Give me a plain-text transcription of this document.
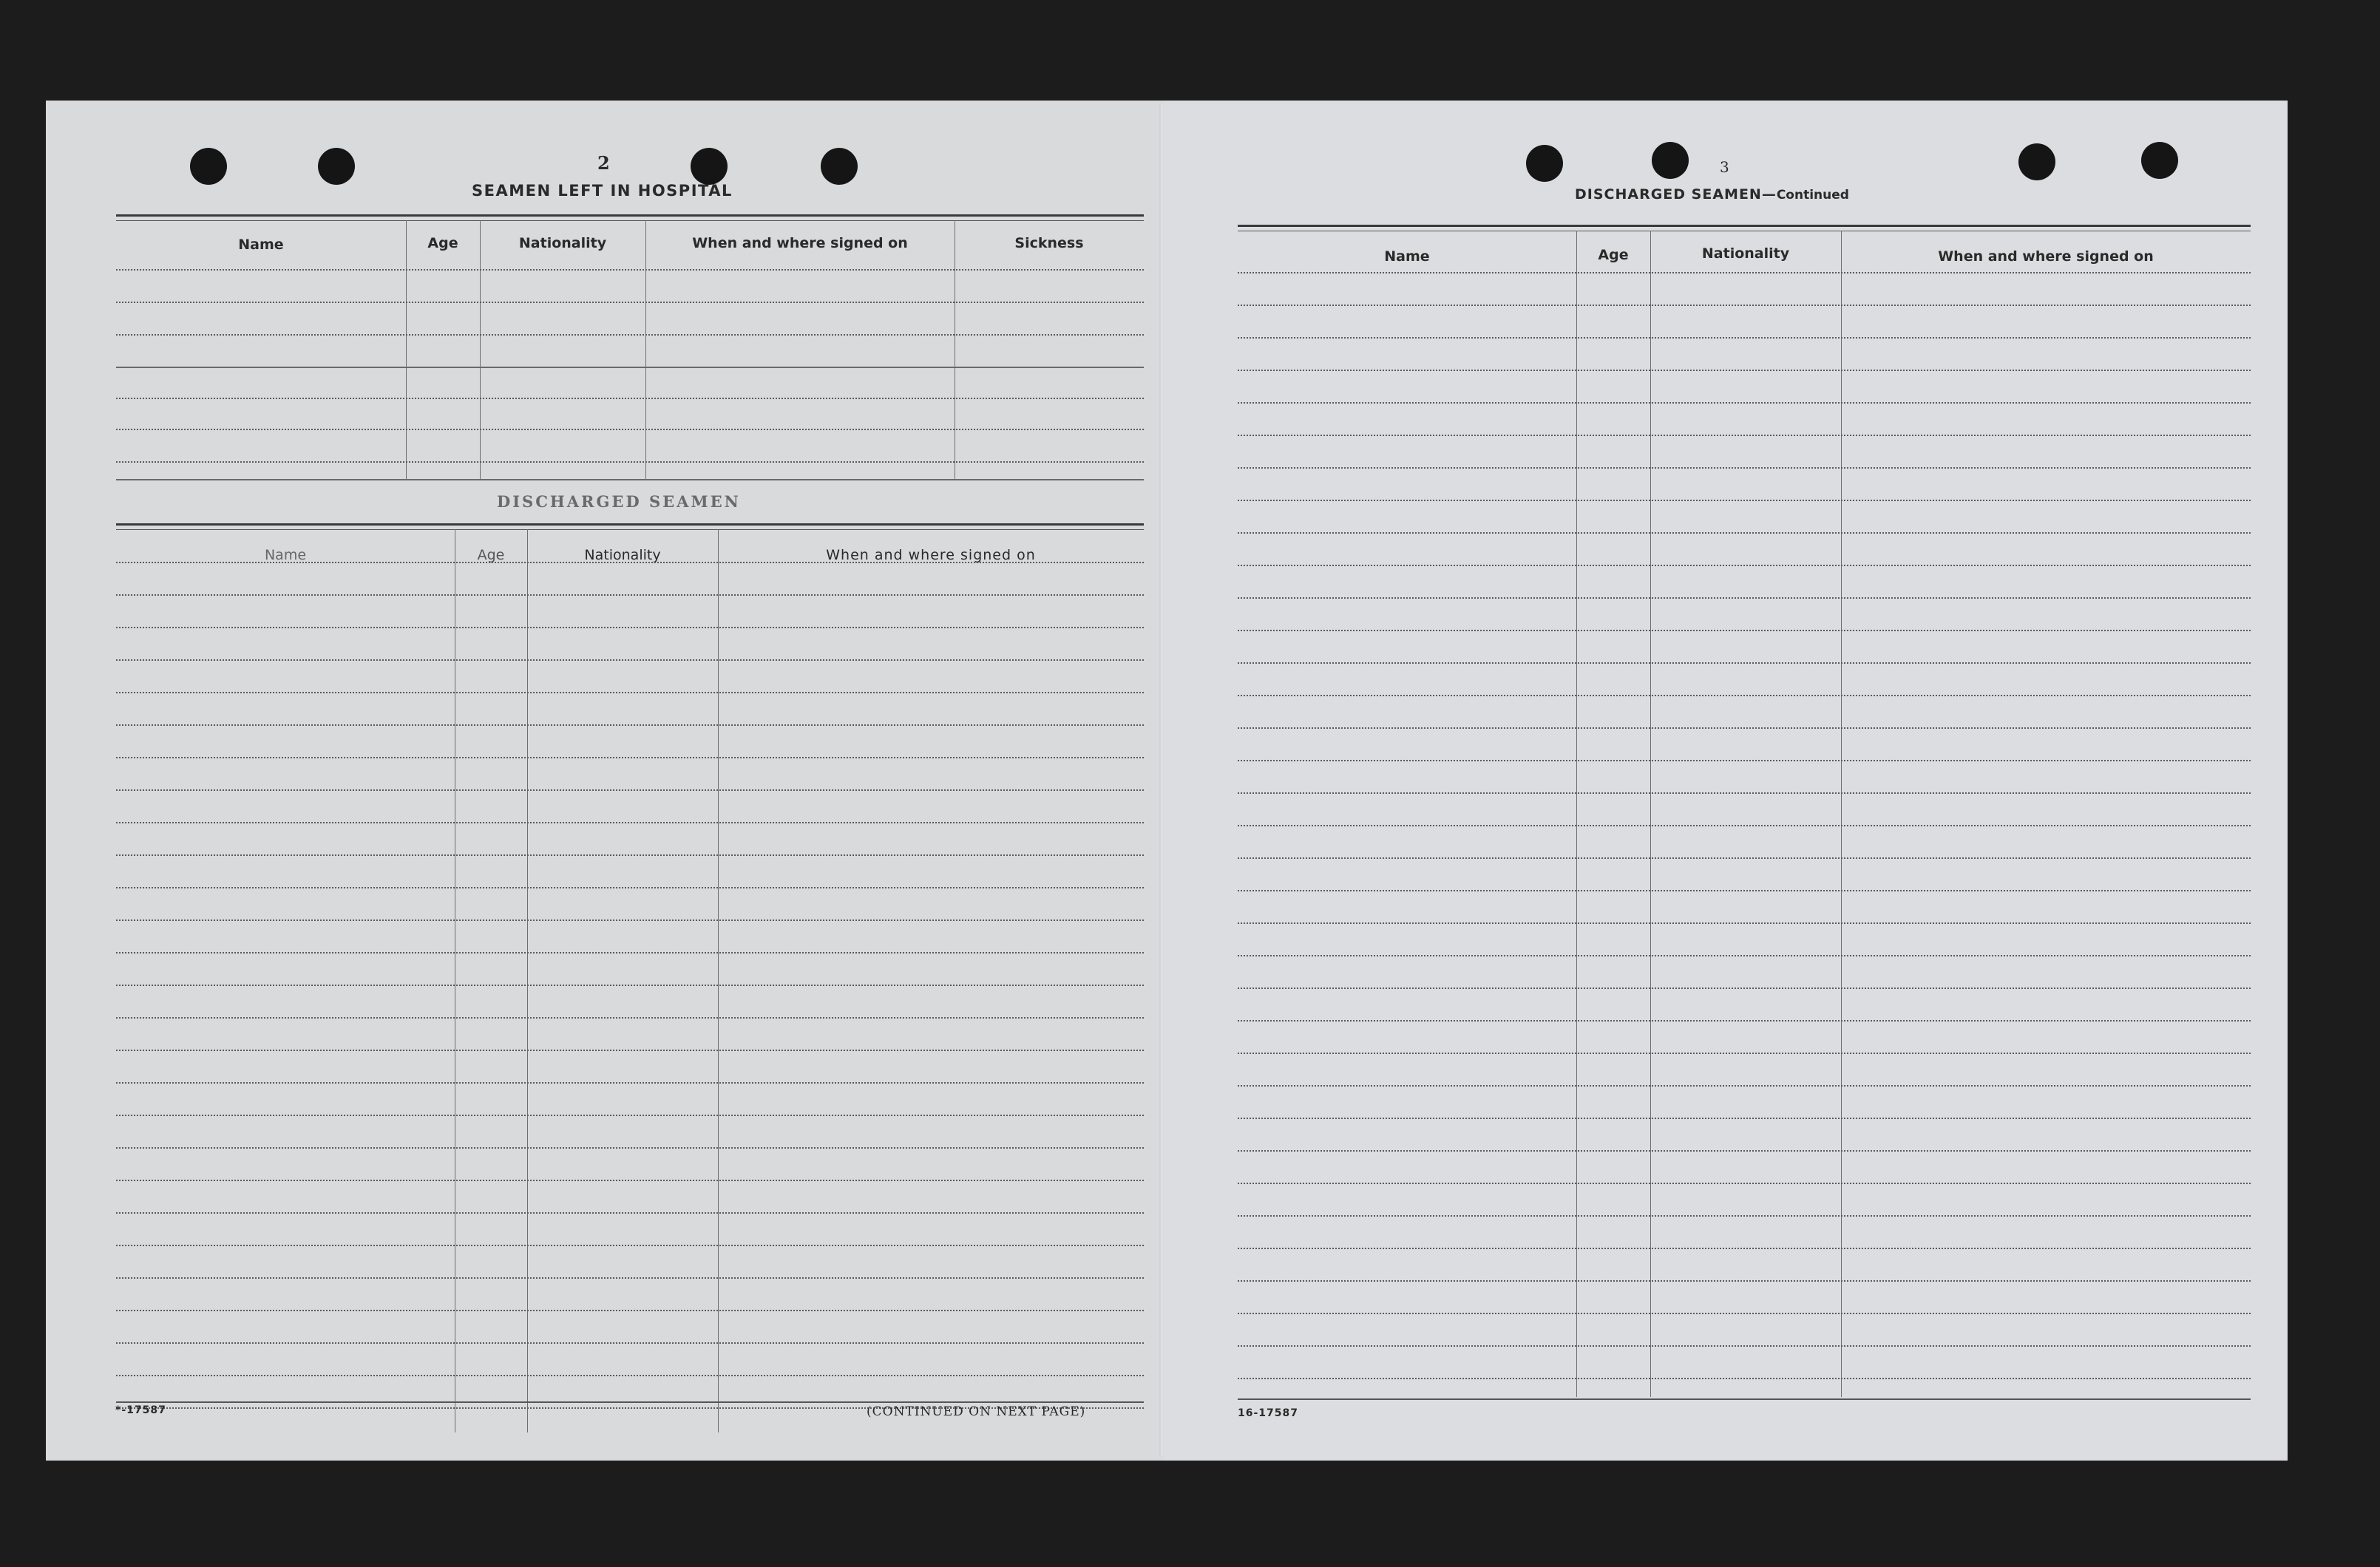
2
SEAMEN LEFT IN HOSPITAL
Name	Age	Nationality	When and where signed on	Sickness
DISCHARGED SEAMEN
Name	Age	Nationality	When and where signed on
*-17587	(CONTINUED ON NEXT PAGE)
3
DISCHARGED SEAMEN—Continued
Name	Age	Nationality	When and where signed on
16-17587
